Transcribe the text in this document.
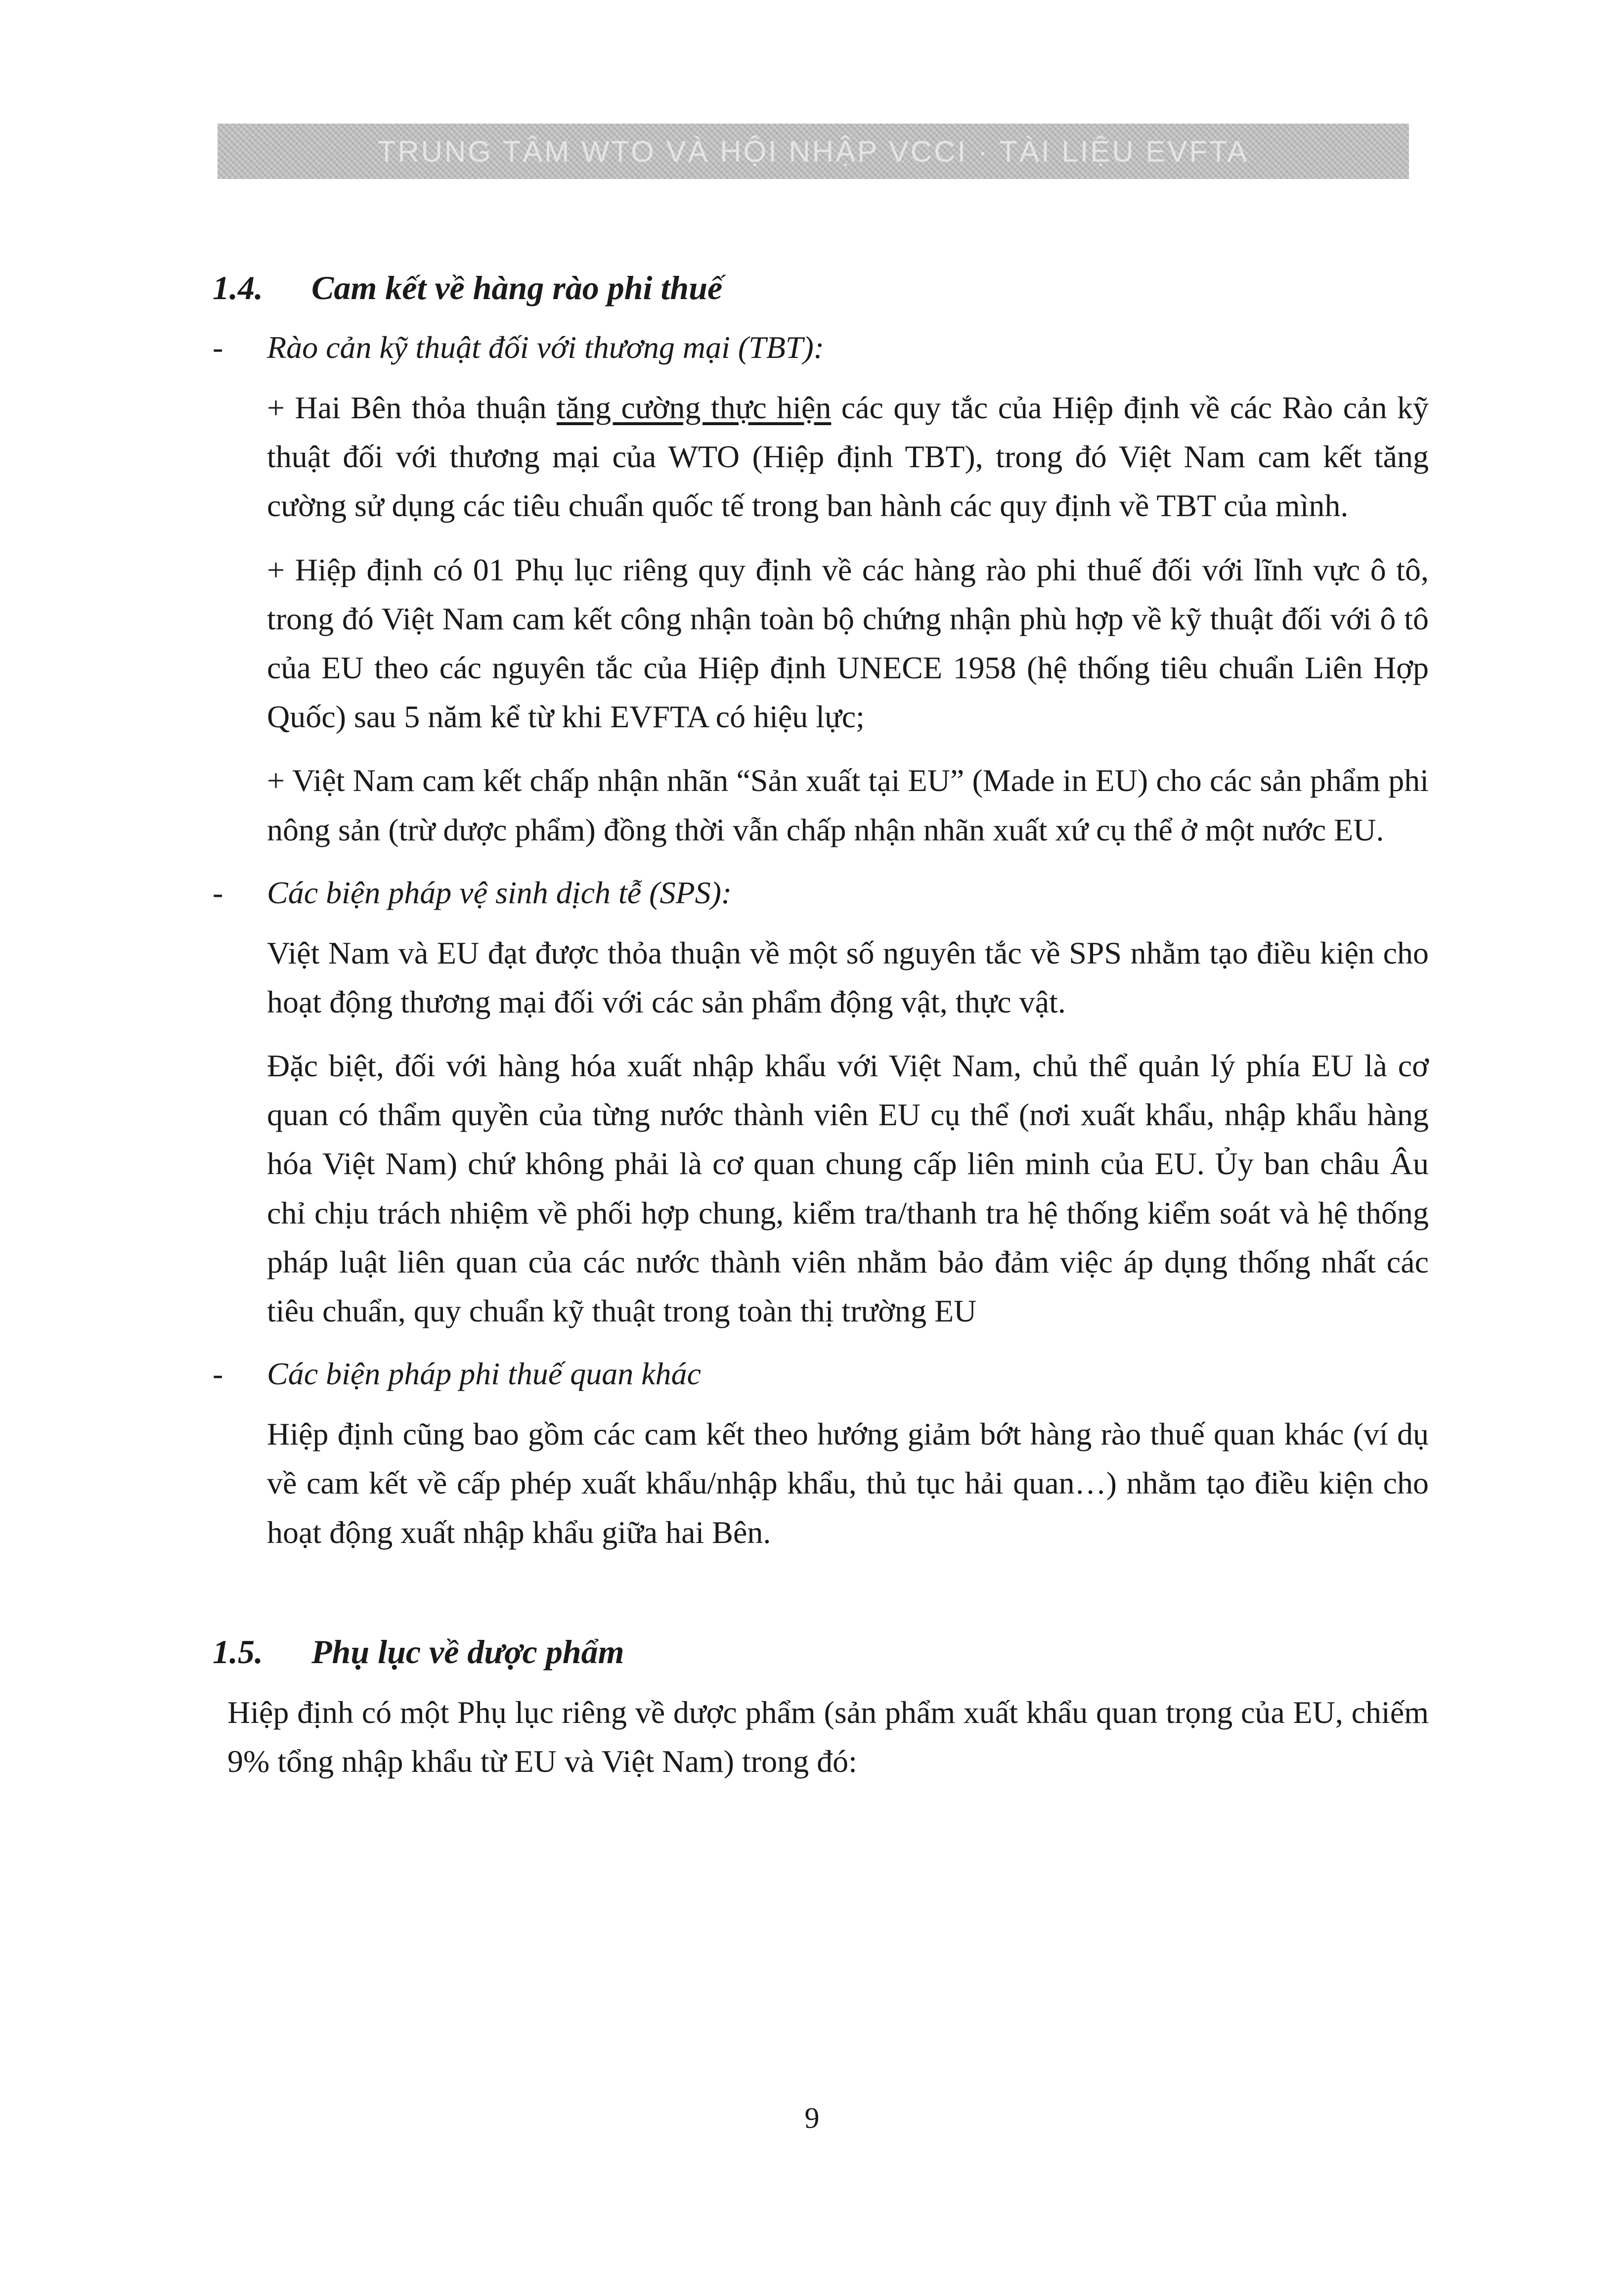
TRUNG TÂM WTO VÀ HỘI NHẬP VCCI · TÀI LIỆU EVFTA
1.4. Cam kết về hàng rào phi thuế
- Rào cản kỹ thuật đối với thương mại (TBT):

+ Hai Bên thỏa thuận tăng cường thực hiện các quy tắc của Hiệp định về các Rào cản kỹ thuật đối với thương mại của WTO (Hiệp định TBT), trong đó Việt Nam cam kết tăng cường sử dụng các tiêu chuẩn quốc tế trong ban hành các quy định về TBT của mình.

+ Hiệp định có 01 Phụ lục riêng quy định về các hàng rào phi thuế đối với lĩnh vực ô tô, trong đó Việt Nam cam kết công nhận toàn bộ chứng nhận phù hợp về kỹ thuật đối với ô tô của EU theo các nguyên tắc của Hiệp định UNECE 1958 (hệ thống tiêu chuẩn Liên Hợp Quốc) sau 5 năm kể từ khi EVFTA có hiệu lực;

+ Việt Nam cam kết chấp nhận nhãn “Sản xuất tại EU” (Made in EU) cho các sản phẩm phi nông sản (trừ dược phẩm) đồng thời vẫn chấp nhận nhãn xuất xứ cụ thể ở một nước EU.

- Các biện pháp vệ sinh dịch tễ (SPS):

Việt Nam và EU đạt được thỏa thuận về một số nguyên tắc về SPS nhằm tạo điều kiện cho hoạt động thương mại đối với các sản phẩm động vật, thực vật.

Đặc biệt, đối với hàng hóa xuất nhập khẩu với Việt Nam, chủ thể quản lý phía EU là cơ quan có thẩm quyền của từng nước thành viên EU cụ thể (nơi xuất khẩu, nhập khẩu hàng hóa Việt Nam) chứ không phải là cơ quan chung cấp liên minh của EU. Ủy ban châu Âu chỉ chịu trách nhiệm về phối hợp chung, kiểm tra/thanh tra hệ thống kiểm soát và hệ thống pháp luật liên quan của các nước thành viên nhằm bảo đảm việc áp dụng thống nhất các tiêu chuẩn, quy chuẩn kỹ thuật trong toàn thị trường EU

- Các biện pháp phi thuế quan khác

Hiệp định cũng bao gồm các cam kết theo hướng giảm bớt hàng rào thuế quan khác (ví dụ về cam kết về cấp phép xuất khẩu/nhập khẩu, thủ tục hải quan…) nhằm tạo điều kiện cho hoạt động xuất nhập khẩu giữa hai Bên.

1.5. Phụ lục về dược phẩm

Hiệp định có một Phụ lục riêng về dược phẩm (sản phẩm xuất khẩu quan trọng của EU, chiếm 9% tổng nhập khẩu từ EU và Việt Nam) trong đó:

9
